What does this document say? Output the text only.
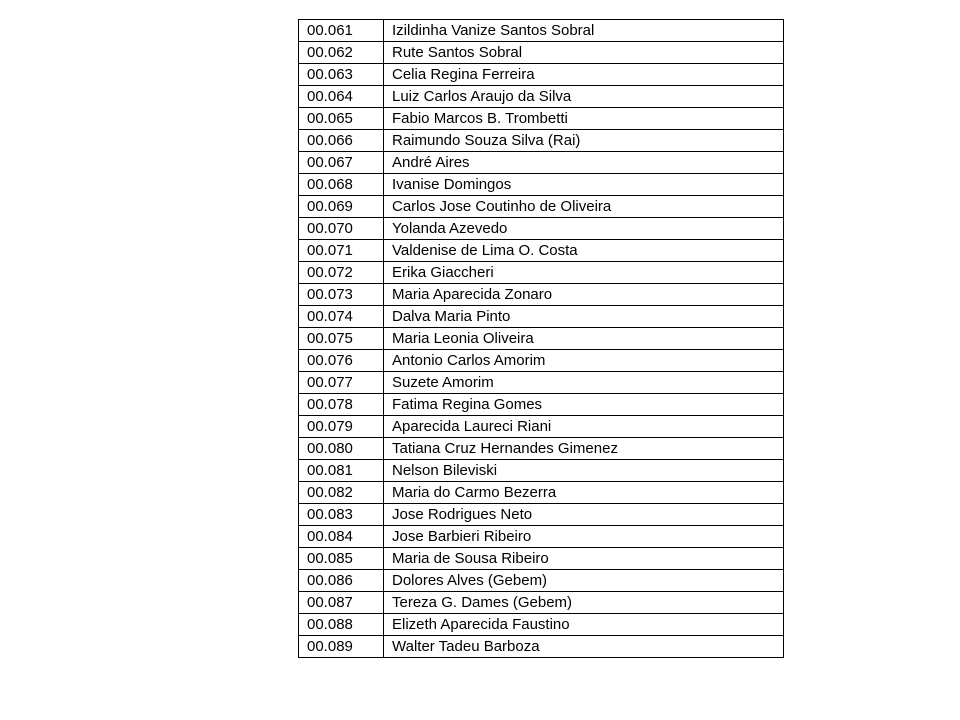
00.061	Izildinha Vanize Santos Sobral
00.062	Rute Santos Sobral
00.063	Celia Regina Ferreira
00.064	Luiz Carlos Araujo da Silva
00.065	Fabio Marcos B. Trombetti
00.066	Raimundo Souza Silva (Rai)
00.067	André Aires
00.068	Ivanise Domingos
00.069	Carlos Jose Coutinho de Oliveira
00.070	Yolanda Azevedo
00.071	Valdenise de Lima O. Costa
00.072	Erika Giaccheri
00.073	Maria Aparecida Zonaro
00.074	Dalva Maria Pinto
00.075	Maria Leonia Oliveira
00.076	Antonio Carlos Amorim
00.077	Suzete Amorim
00.078	Fatima Regina Gomes
00.079	Aparecida Laureci Riani
00.080	Tatiana Cruz Hernandes Gimenez
00.081	Nelson Bileviski
00.082	Maria do Carmo Bezerra
00.083	Jose Rodrigues Neto
00.084	Jose Barbieri Ribeiro
00.085	Maria de Sousa Ribeiro
00.086	Dolores Alves (Gebem)
00.087	Tereza G. Dames (Gebem)
00.088	Elizeth Aparecida Faustino
00.089	Walter Tadeu Barboza
